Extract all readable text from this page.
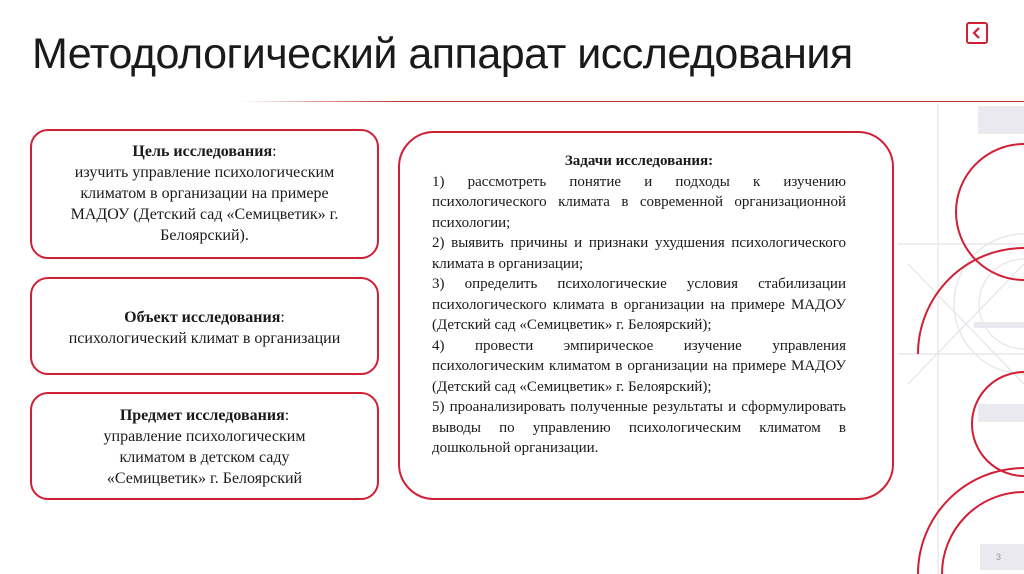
Методологический аппарат исследования
Цель исследования:
изучить управление психологическим климатом в организации на примере МАДОУ (Детский сад «Семицветик» г. Белоярский).
Объект исследования:
психологический климат в организации
Предмет исследования:
управление психологическим климатом в детском саду «Семицветик» г. Белоярский
Задачи исследования:
1) рассмотреть понятие и подходы к изучению психологического климата в современной организационной психологии;
2) выявить причины и признаки ухудшения психологического климата в организации;
3) определить психологические условия стабилизации психологического климата в организации на примере МАДОУ (Детский сад «Семицветик» г. Белоярский);
4) провести эмпирическое изучение управления психологическим климатом в организации на примере МАДОУ (Детский сад «Семицветик» г. Белоярский);
5) проанализировать полученные результаты и сформулировать выводы по управлению психологическим климатом в дошкольной организации.
3
